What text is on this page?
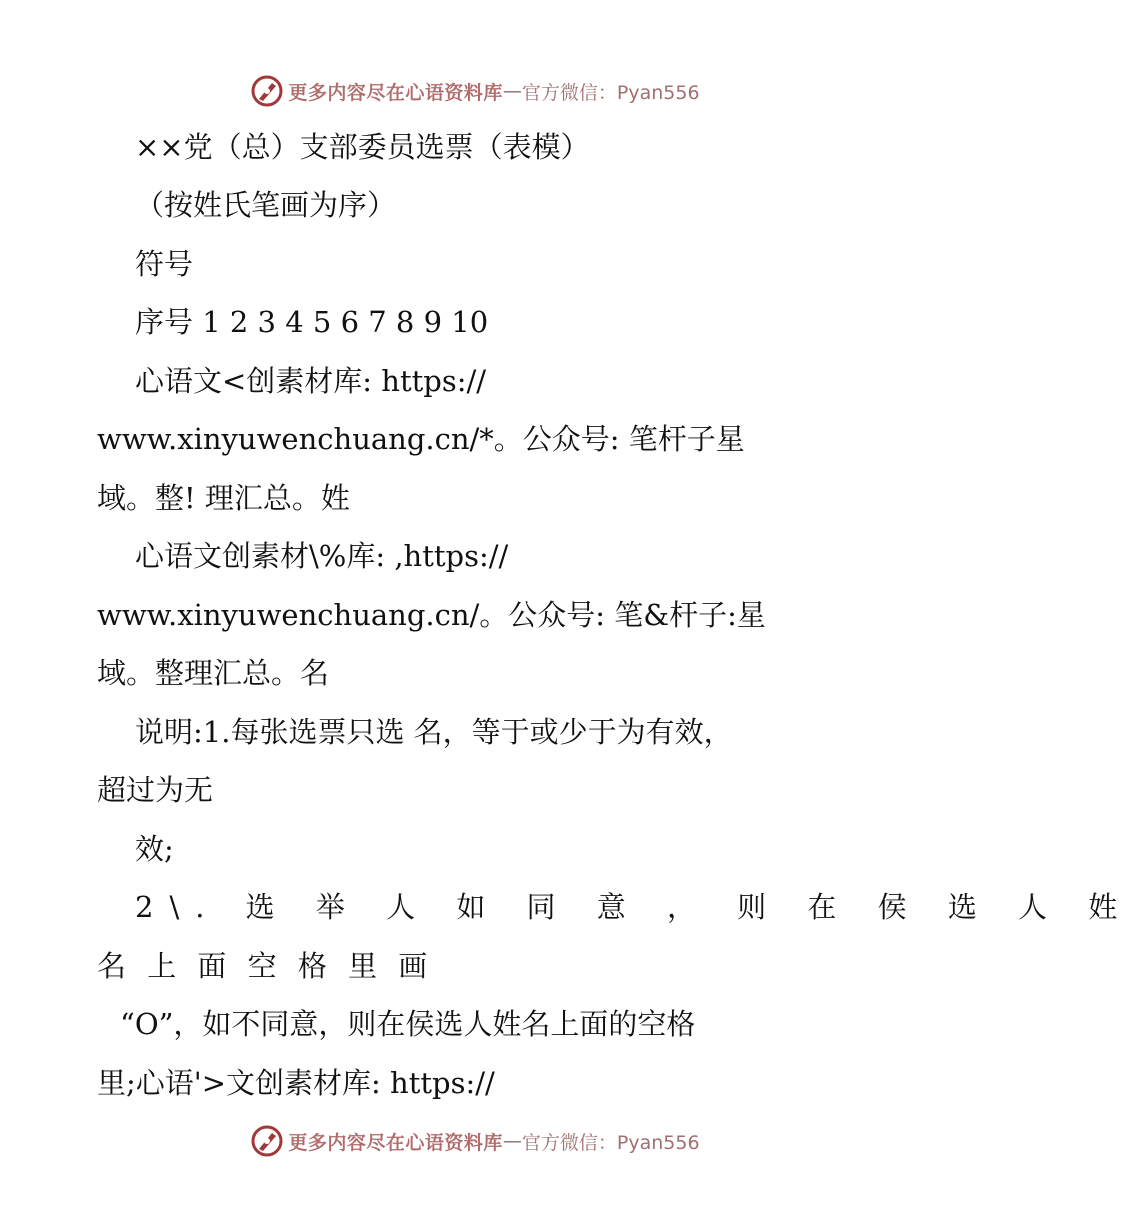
更多内容尽在心语资料库 — 官方微信：Pyan556
××党（总）支部委员选票（表模）
（按姓氏笔画为序）
符号
序号 1 2 3 4 5 6 7 8 9 10
心语文<创素材库: https://
www.xinyuwenchuang.cn/*。公众号: 笔杆子星
域。整! 理汇总。姓
心语文创素材\%库: ,https://
www.xinyuwenchuang.cn/。公众号: 笔&杆子:星
域。整理汇总。名
说明:1.每张选票只选 名，等于或少于为有效，
超过为无
效;
2\. 选 举 人 如 同 意 ， 则 在 侯 选 人 姓
名 上 面 空 格 里 画
“O”，如不同意，则在侯选人姓名上面的空格
里;心语'>文创素材库: https://
更多内容尽在心语资料库 — 官方微信：Pyan556
